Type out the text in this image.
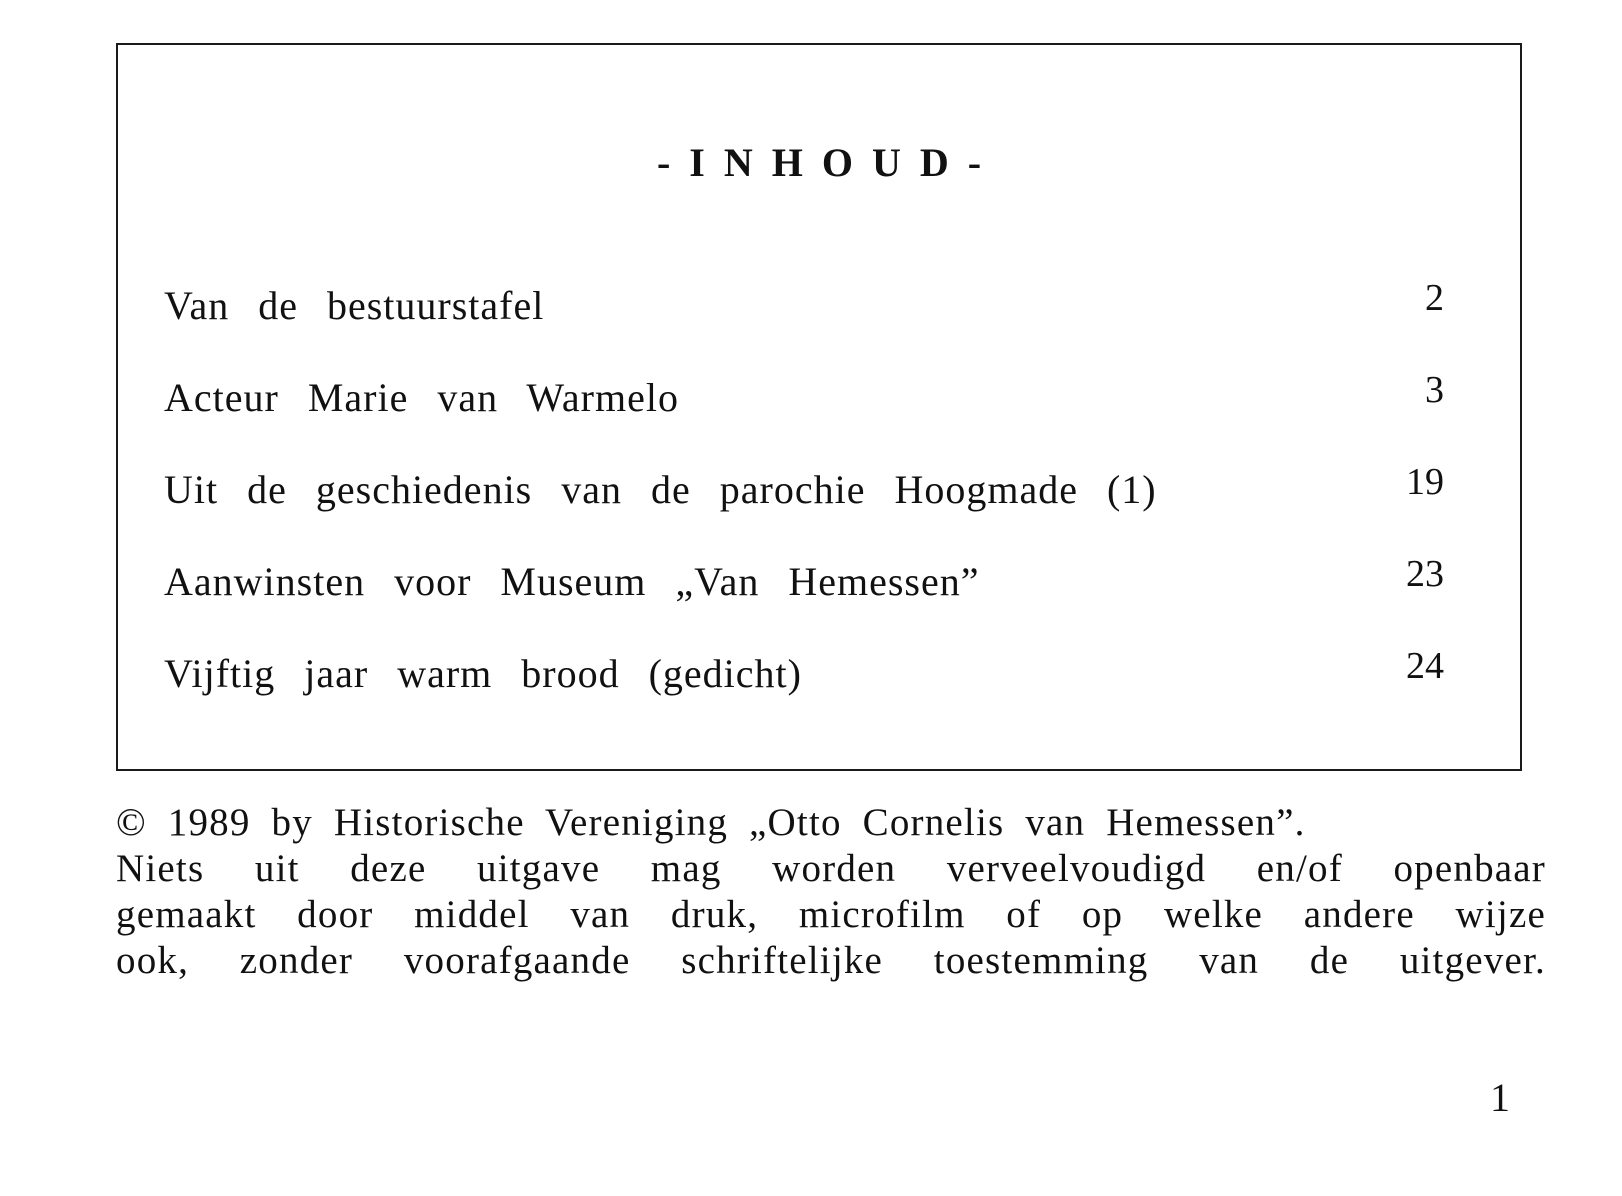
-INHOUD-
Van de bestuurstafel	2
Acteur Marie van Warmelo	3
Uit de geschiedenis van de parochie Hoogmade (1)	19
Aanwinsten voor Museum „Van Hemessen”	23
Vijftig jaar warm brood (gedicht)	24
© 1989 by Historische Vereniging „Otto Cornelis van Hemessen”.
Niets uit deze uitgave mag worden verveelvoudigd en/of openbaar
gemaakt door middel van druk, microfilm of op welke andere wijze
ook, zonder voorafgaande schriftelijke toestemming van de uitgever.
1
